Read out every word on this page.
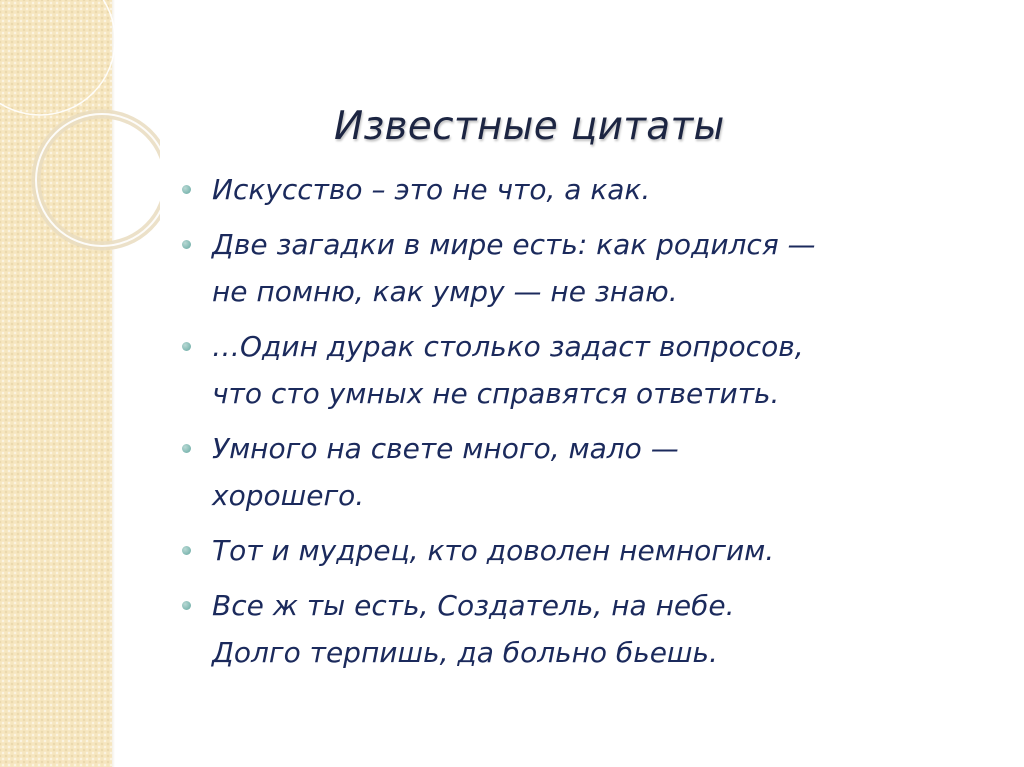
Известные цитаты
Искусство – это не что, а как.
Две загадки в мире есть: как родился —
не помню, как умру — не знаю.
…Один дурак столько задаст вопросов,
что сто умных не справятся ответить.
Умного на свете много, мало —
хорошего.
Тот и мудрец, кто доволен немногим.
Все ж ты есть, Создатель, на небе.
Долго терпишь, да больно бьешь.
